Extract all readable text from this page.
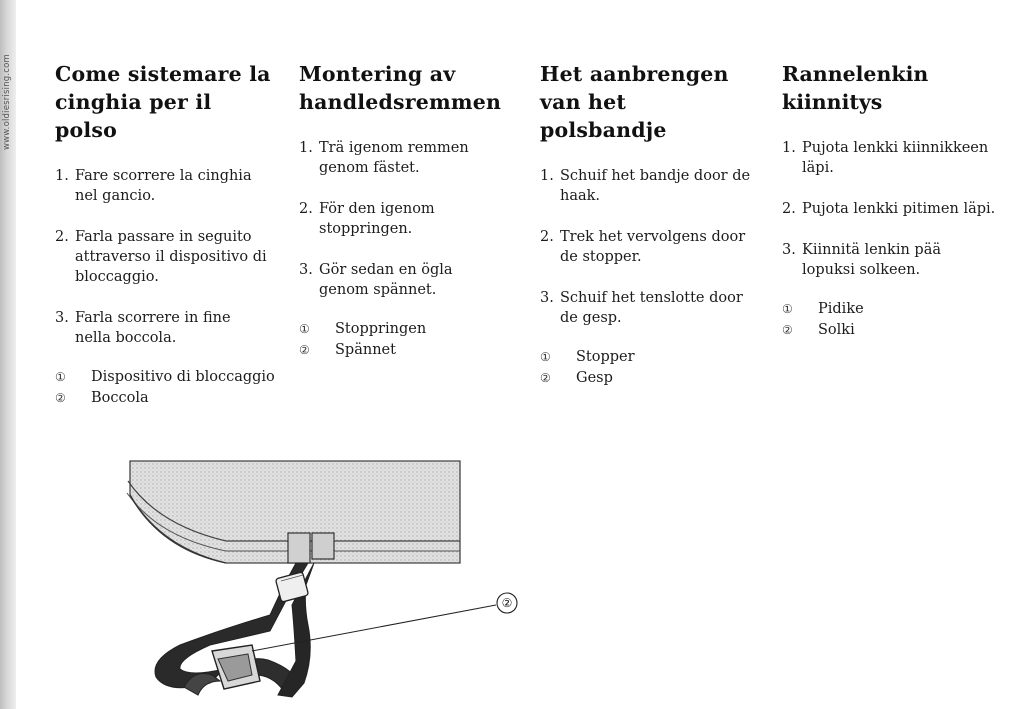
www.oldiesrising.com Come sistemare la
cinghia per il
polso
1. Fare scorrere la cinghia nel gancio.
2. Farla passare in seguito attraverso il dispositivo di bloccaggio.
3. Farla scorrere in fine nella boccola.
①	Dispositivo di bloccaggio
②	Boccola
Montering av
handledsremmen
1. Trä igenom remmen genom fästet.
2. För den igenom stoppringen.
3. Gör sedan en ögla genom spännet.
①	Stoppringen
②	Spännet
Het aanbrengen
van het
polsbandje
1. Schuif het bandje door de haak.
2. Trek het vervolgens door de stopper.
3. Schuif het tenslotte door de gesp.
①	Stopper
②	Gesp
Rannelenkin
kiinnitys
1. Pujota lenkki kiinnikkeen läpi.
2. Pujota lenkki pitimen läpi.
3. Kiinnitä lenkin pää lopuksi solkeen.
①	Pidike
②	Solki
②
